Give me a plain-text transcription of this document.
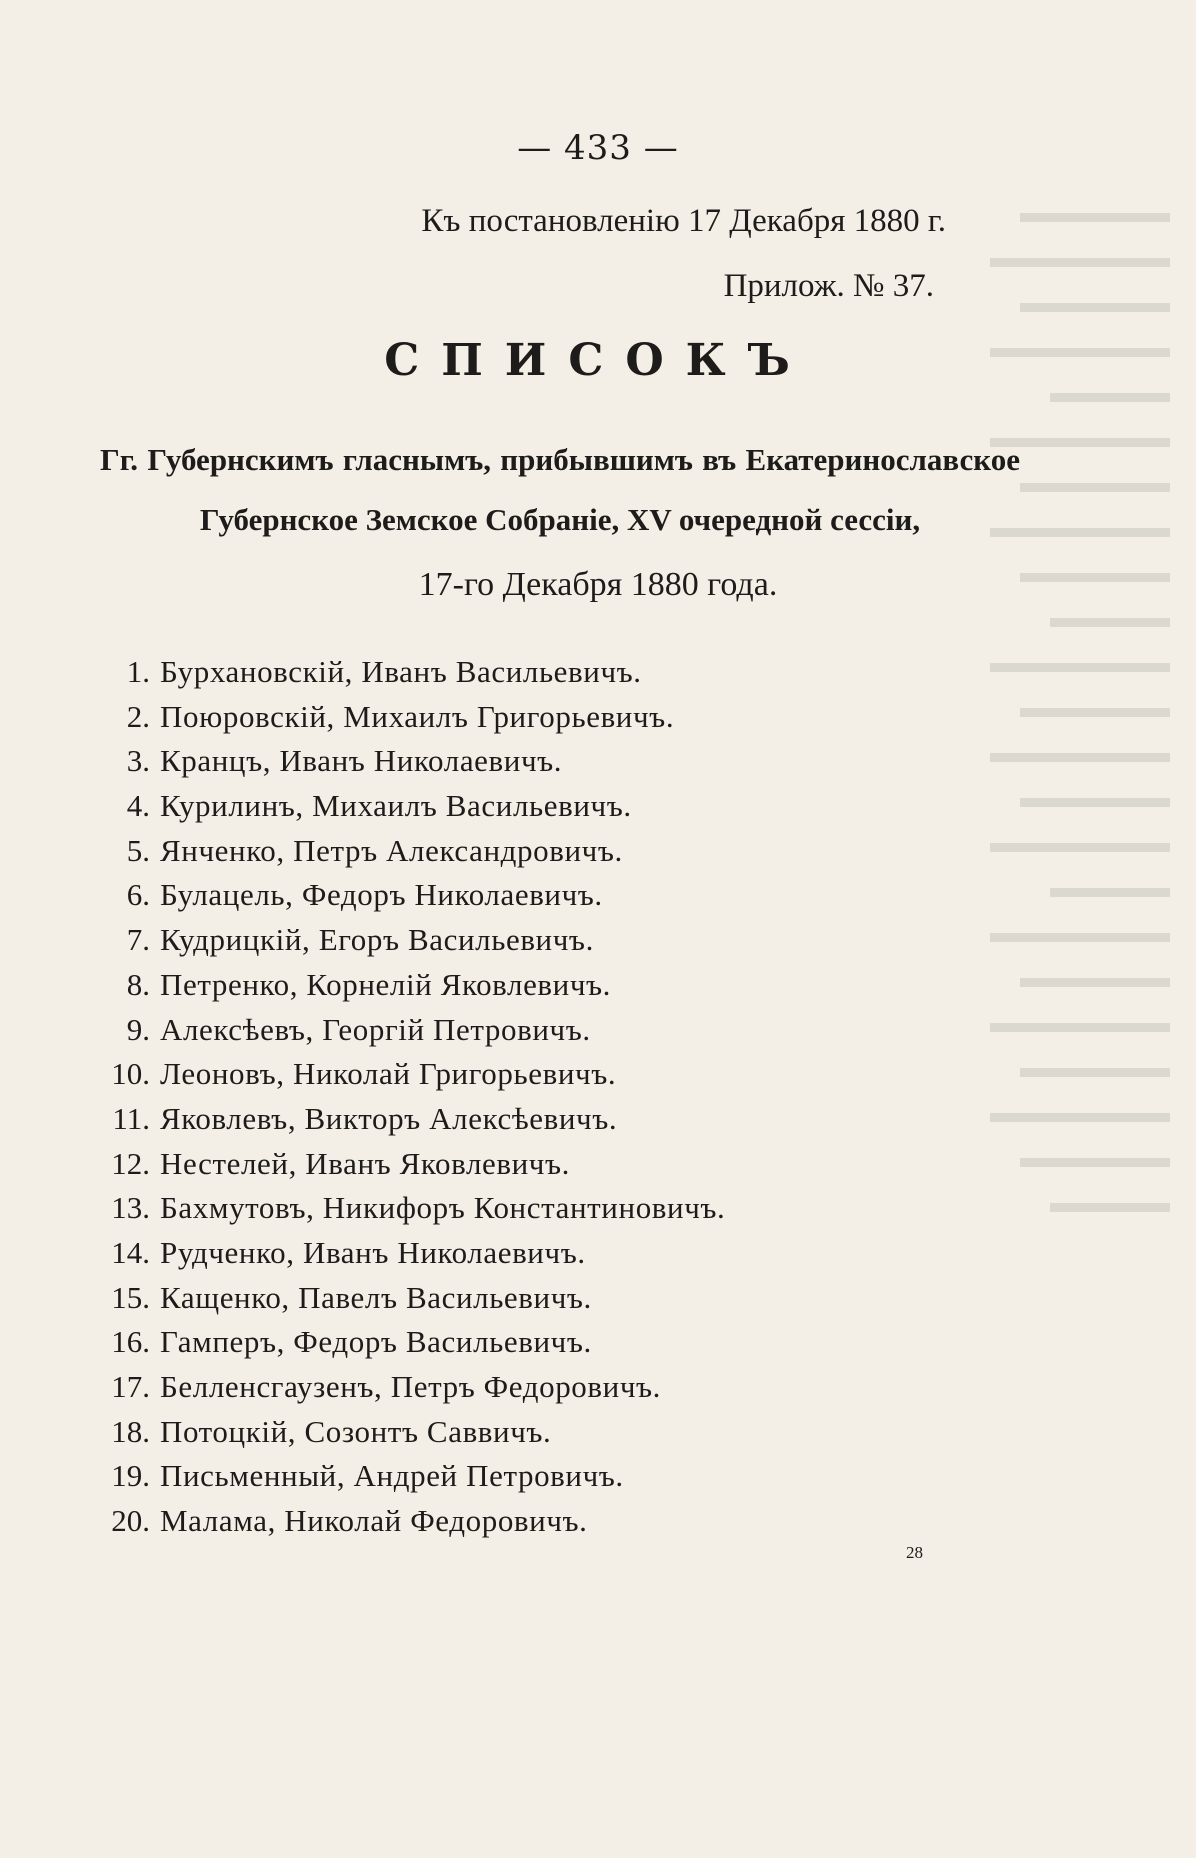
▬▬▬▬▬
▬▬▬▬▬▬
▬▬▬▬▬
▬▬▬▬▬▬
▬▬▬▬
▬▬▬▬▬▬
▬▬▬▬▬
▬▬▬▬▬▬
▬▬▬▬▬
▬▬▬▬
▬▬▬▬▬▬
▬▬▬▬▬
▬▬▬▬▬▬
▬▬▬▬▬
▬▬▬▬▬▬
▬▬▬▬
▬▬▬▬▬▬
▬▬▬▬▬
▬▬▬▬▬▬
▬▬▬▬▬
▬▬▬▬▬▬
▬▬▬▬▬
▬▬▬▬
— 433 —
Къ постановленію 17 Декабря 1880 г.
Прилож. № 37.
СПИСОКЪ
Гг. Губернскимъ гласнымъ, прибывшимъ въ Екатеринославское Губернское Земское Собраніе, XV очередной сессіи,
17-го Декабря 1880 года.
1. Бурхановскій, Иванъ Васильевичъ.
2. Поюровскій, Михаилъ Григорьевичъ.
3. Кранцъ, Иванъ Николаевичъ.
4. Курилинъ, Михаилъ Васильевичъ.
5. Янченко, Петръ Александровичъ.
6. Булацель, Федоръ Николаевичъ.
7. Кудрицкій, Егоръ Васильевичъ.
8. Петренко, Корнелій Яковлевичъ.
9. Алексѣевъ, Георгій Петровичъ.
10. Леоновъ, Николай Григорьевичъ.
11. Яковлевъ, Викторъ Алексѣевичъ.
12. Нестелей, Иванъ Яковлевичъ.
13. Бахмутовъ, Никифоръ Константиновичъ.
14. Рудченко, Иванъ Николаевичъ.
15. Кащенко, Павелъ Васильевичъ.
16. Гамперъ, Федоръ Васильевичъ.
17. Белленсгаузенъ, Петръ Федоровичъ.
18. Потоцкій, Созонтъ Саввичъ.
19. Письменный, Андрей Петровичъ.
20. Малама, Николай Федоровичъ.
28
